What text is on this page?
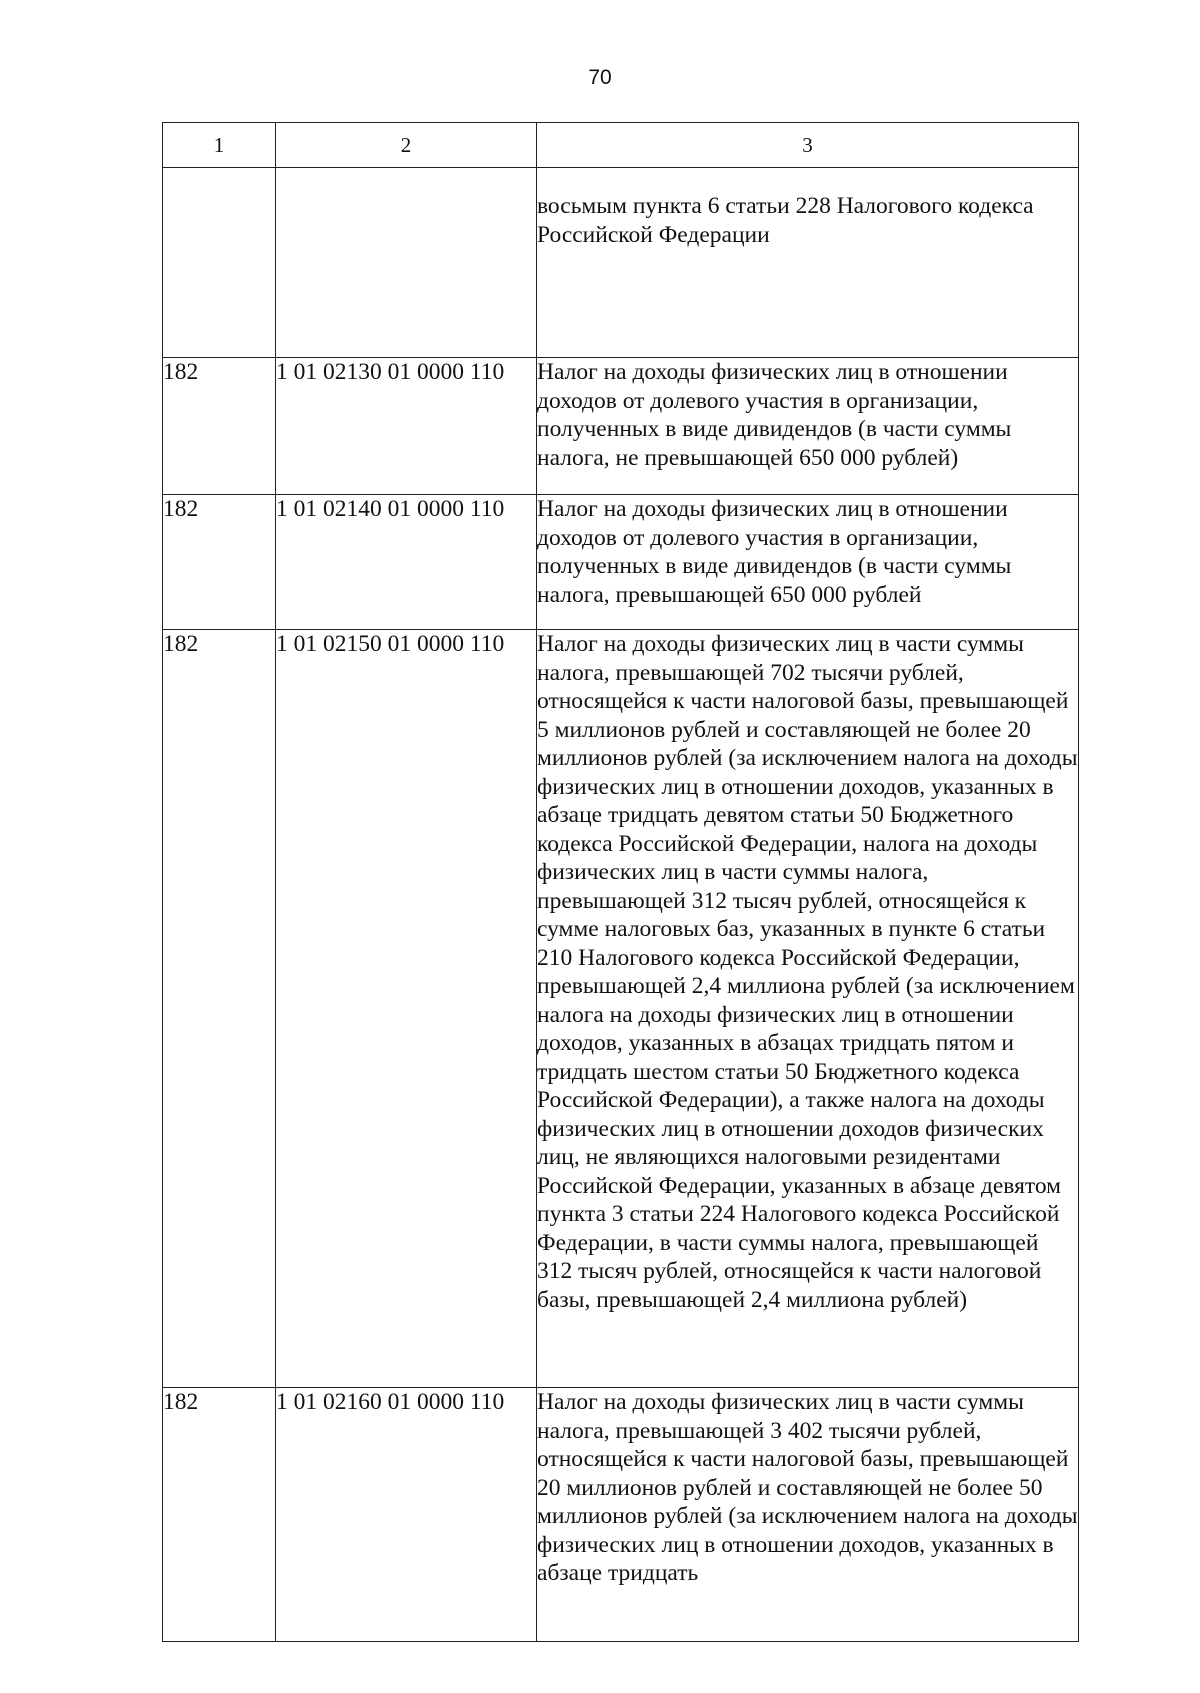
70
1	2	3
		восьмым пункта 6 статьи 228 Налогового кодекса Российской Федерации
182	1 01 02130 01 0000 110	Налог на доходы физических лиц в отношении доходов от долевого участия в организации, полученных в виде дивидендов (в части суммы налога, не превышающей 650 000 рублей)
182	1 01 02140 01 0000 110	Налог на доходы физических лиц в отношении доходов от долевого участия в организации, полученных в виде дивидендов (в части суммы налога, превышающей 650 000 рублей
182	1 01 02150 01 0000 110	Налог на доходы физических лиц в части суммы налога, превышающей 702 тысячи рублей, относящейся к части налоговой базы, превышающей 5 миллионов рублей и составляющей не более 20 миллионов рублей (за исключением налога на доходы физических лиц в отношении доходов, указанных в абзаце тридцать девятом статьи 50 Бюджетного кодекса Российской Федерации, налога на доходы физических лиц в части суммы налога, превышающей 312 тысяч рублей, относящейся к сумме налоговых баз, указанных в пункте 6 статьи 210 Налогового кодекса Российской Федерации, превышающей 2,4 миллиона рублей (за исключением налога на доходы физических лиц в отношении доходов, указанных в абзацах тридцать пятом и тридцать шестом статьи 50 Бюджетного кодекса Российской Федерации), а также налога на доходы физических лиц в отношении доходов физических лиц, не являющихся налоговыми резидентами Российской Федерации, указанных в абзаце девятом пункта 3 статьи 224 Налогового кодекса Российской Федерации, в части суммы налога, превышающей 312 тысяч рублей, относящейся к части налоговой базы, превышающей 2,4 миллиона рублей)
182	1 01 02160 01 0000 110	Налог на доходы физических лиц в части суммы налога, превышающей 3 402 тысячи рублей, относящейся к части налоговой базы, превышающей 20 миллионов рублей и составляющей не более 50 миллионов рублей (за исключением налога на доходы физических лиц в отношении доходов, указанных в абзаце тридцать
